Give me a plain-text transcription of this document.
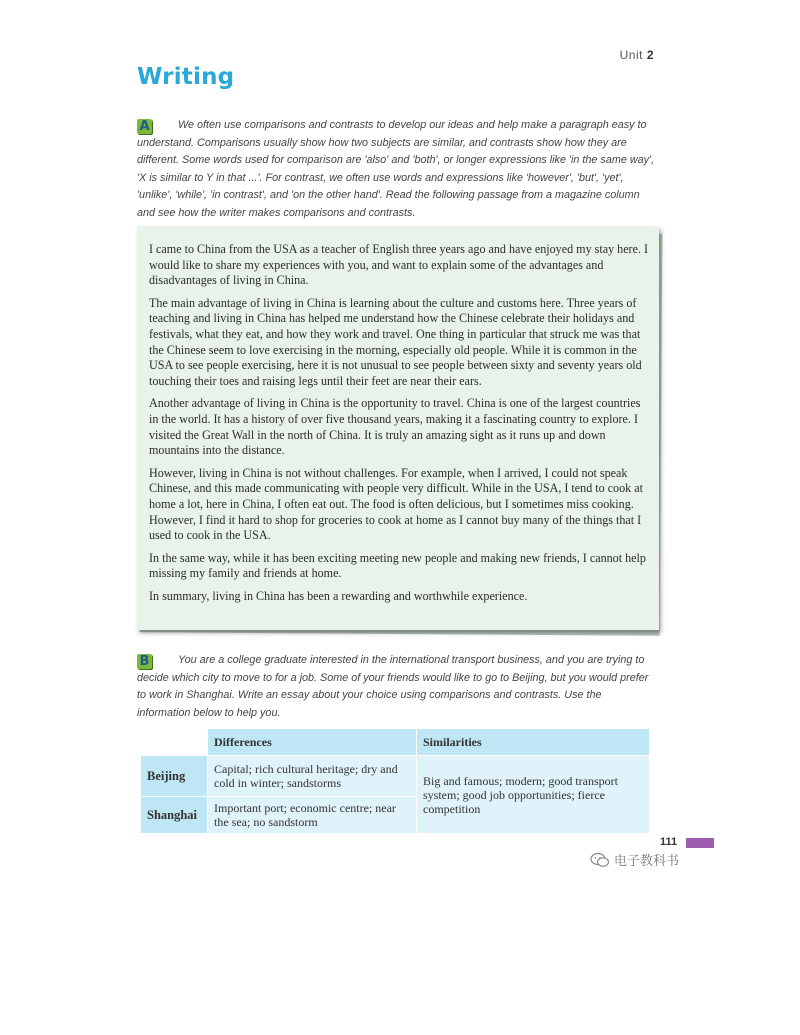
Unit 2
Writing
A	We often use comparisons and contrasts to develop our ideas and help make a paragraph easy to understand. Comparisons usually show how two subjects are similar, and contrasts show how they are different. Some words used for comparison are 'also' and 'both', or longer expressions like 'in the same way', 'X is similar to Y in that ...'. For contrast, we often use words and expressions like 'however', 'but', 'yet', 'unlike', 'while', 'in contrast', and 'on the other hand'. Read the following passage from a magazine column and see how the writer makes comparisons and contrasts.

I came to China from the USA as a teacher of English three years ago and have enjoyed my stay here. I would like to share my experiences with you, and want to explain some of the advantages and disadvantages of living in China.

The main advantage of living in China is learning about the culture and customs here. Three years of teaching and living in China has helped me understand how the Chinese celebrate their holidays and festivals, what they eat, and how they work and travel. One thing in particular that struck me was that the Chinese seem to love exercising in the morning, especially old people. While it is common in the USA to see people exercising, here it is not unusual to see people between sixty and seventy years old touching their toes and raising legs until their feet are near their ears.

Another advantage of living in China is the opportunity to travel. China is one of the largest countries in the world. It has a history of over five thousand years, making it a fascinating country to explore. I visited the Great Wall in the north of China. It is truly an amazing sight as it runs up and down mountains into the distance.

However, living in China is not without challenges. For example, when I arrived, I could not speak Chinese, and this made communicating with people very difficult. While in the USA, I tend to cook at home a lot, here in China, I often eat out. The food is often delicious, but I sometimes miss cooking. However, I find it hard to shop for groceries to cook at home as I cannot buy many of the things that I used to cook in the USA.

In the same way, while it has been exciting meeting new people and making new friends, I cannot help missing my family and friends at home.

In summary, living in China has been a rewarding and worthwhile experience.

B	You are a college graduate interested in the international transport business, and you are trying to decide which city to move to for a job. Some of your friends would like to go to Beijing, but you would prefer to work in Shanghai. Write an essay about your choice using comparisons and contrasts. Use the information below to help you.
	Differences	Similarities
Beijing	Capital; rich cultural heritage; dry and cold in winter; sandstorms	Big and famous; modern; good transport system; good job opportunities; fierce competition
Shanghai	Important port; economic centre; near the sea; no sandstorm	
111
电子教科书
